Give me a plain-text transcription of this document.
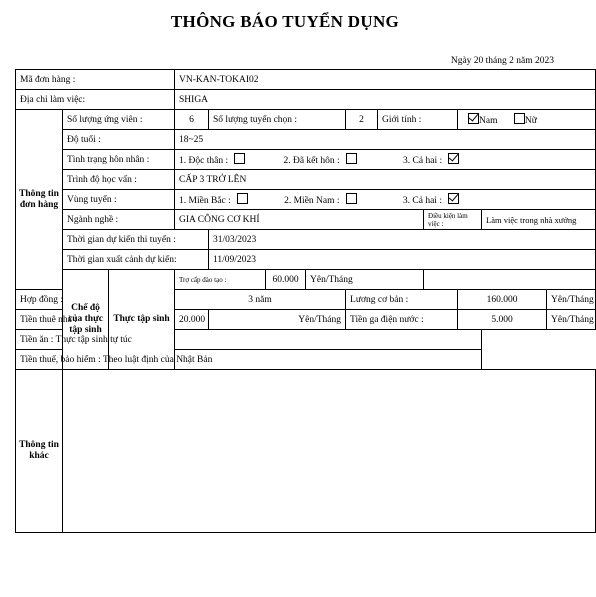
THÔNG BÁO TUYỂN DỤNG
Ngày 20 tháng 2 năm 2023
Mã đơn hàng :			VN-KAN-TOKAI02									
Địa chỉ làm việc:			SHIGA									
Thông tin đơn hàng	Số lượng ứng viên :		6	Số lượng tuyển chọn :			2	Giới tính :		Nam Nữ		
	Độ tuổi :		18~25									
	Tình trạng hôn nhân :		1. Độc thân : 2. Đã kết hôn : 3. Cả hai :									
	Trình độ học vấn :		CẤP 3 TRỞ LÊN									
	Vùng tuyển :		1. Miền Bắc : 2. Miền Nam : 3. Cả hai :									
	Ngành nghề :		GIA CÔNG CƠ KHÍ						Điều kiện làm việc :		Làm việc trong nhà xưởng	
	Thời gian dự kiến thi tuyển :			31/03/2023								
	Thời gian xuất cảnh dự kiến:			11/09/2023								
	Chế độ của thực tập sinh	Thực tập sinh	Trợ cấp đào tạo :		60.000	Yên/Tháng						
Hợp đồng :			3 năm				Lương cơ bản :			160.000		Yên/Tháng
Tiền thuê nhà :			20.000	Yên/Tháng			Tiền ga điện nước :			5.000		Yên/Tháng
Tiền ăn : Thực tập sinh tự túc												
Tiền thuế, bảo hiểm : Theo luật định của Nhật Bản												
Thông tin khác												
